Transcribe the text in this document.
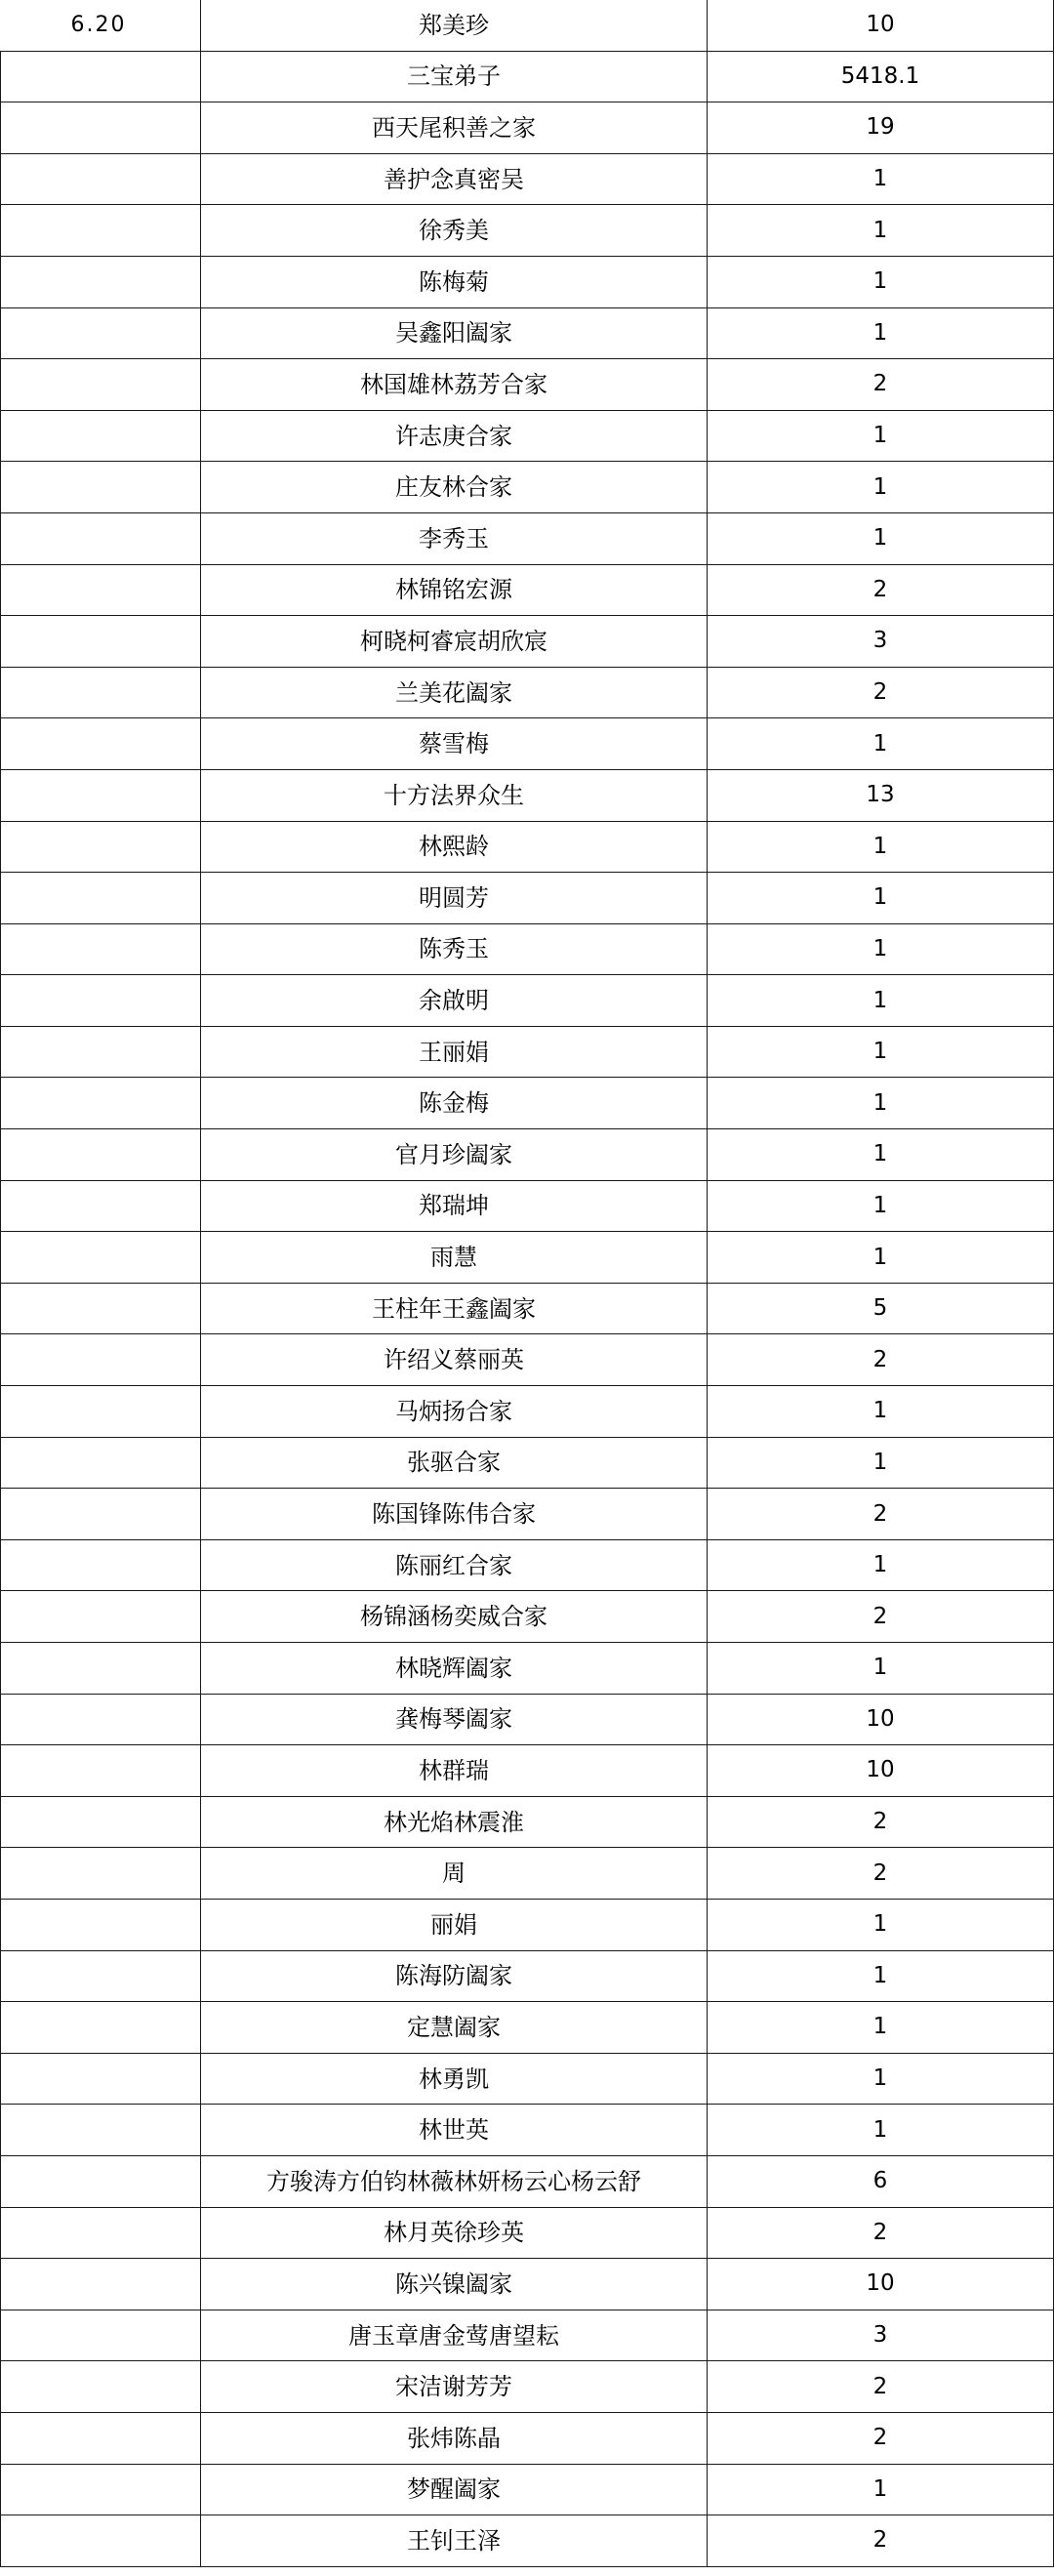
6.20	郑美珍	10
	三宝弟子	5418.1
	西天尾积善之家	19
	善护念真密吴	1
	徐秀美	1
	陈梅菊	1
	吴鑫阳阖家	1
	林国雄林荔芳合家	2
	许志庚合家	1
	庄友林合家	1
	李秀玉	1
	林锦铭宏源	2
	柯晓柯睿宸胡欣宸	3
	兰美花阖家	2
	蔡雪梅	1
	十方法界众生	13
	林熙龄	1
	明圆芳	1
	陈秀玉	1
	余啟明	1
	王丽娟	1
	陈金梅	1
	官月珍阖家	1
	郑瑞坤	1
	雨慧	1
	王柱年王鑫阖家	5
	许绍义蔡丽英	2
	马炳扬合家	1
	张驱合家	1
	陈国锋陈伟合家	2
	陈丽红合家	1
	杨锦涵杨奕威合家	2
	林晓辉阖家	1
	龚梅琴阖家	10
	林群瑞	10
	林光焰林震淮	2
	周	2
	丽娟	1
	陈海防阖家	1
	定慧阖家	1
	林勇凯	1
	林世英	1
	方骏涛方伯钧林薇林妍杨云心杨云舒	6
	林月英徐珍英	2
	陈兴镍阖家	10
	唐玉章唐金莺唐望耘	3
	宋洁谢芳芳	2
	张炜陈晶	2
	梦醒阖家	1
	王钊王泽	2
